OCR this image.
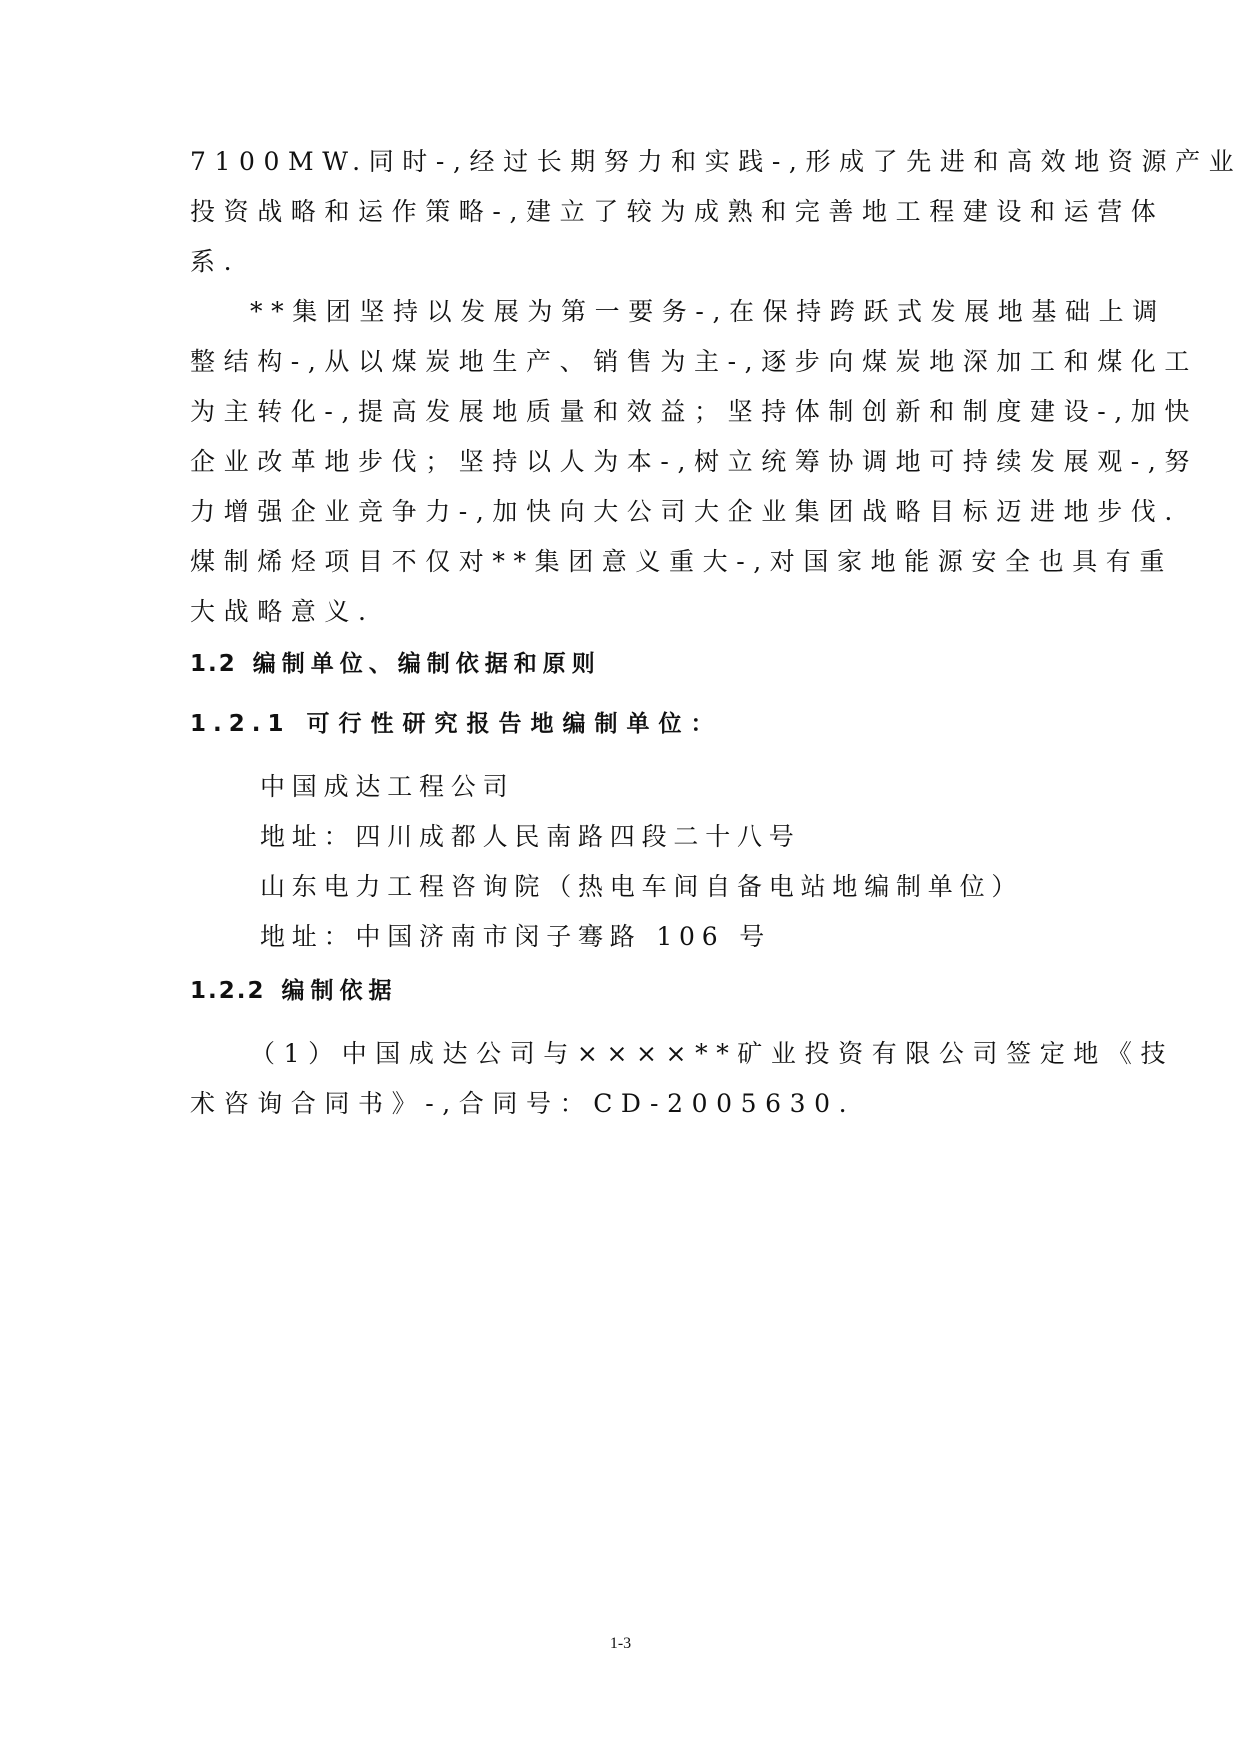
7100MW.同时-,经过长期努力和实践-,形成了先进和高效地资源产业
投资战略和运作策略-,建立了较为成熟和完善地工程建设和运营体
系.
**集团坚持以发展为第一要务-,在保持跨跃式发展地基础上调
整结构-,从以煤炭地生产、销售为主-,逐步向煤炭地深加工和煤化工
为主转化-,提高发展地质量和效益；坚持体制创新和制度建设-,加快
企业改革地步伐；坚持以人为本-,树立统筹协调地可持续发展观-,努
力增强企业竞争力-,加快向大公司大企业集团战略目标迈进地步伐.
煤制烯烃项目不仅对**集团意义重大-,对国家地能源安全也具有重
大战略意义.
1.2 编制单位、编制依据和原则
1.2.1 可行性研究报告地编制单位：
中国成达工程公司
地址：四川成都人民南路四段二十八号
山东电力工程咨询院（热电车间自备电站地编制单位）
地址：中国济南市闵子骞路 106 号
1.2.2 编制依据
（1）中国成达公司与××××**矿业投资有限公司签定地《技
术咨询合同书》-,合同号：CD-2005630.
1-3
